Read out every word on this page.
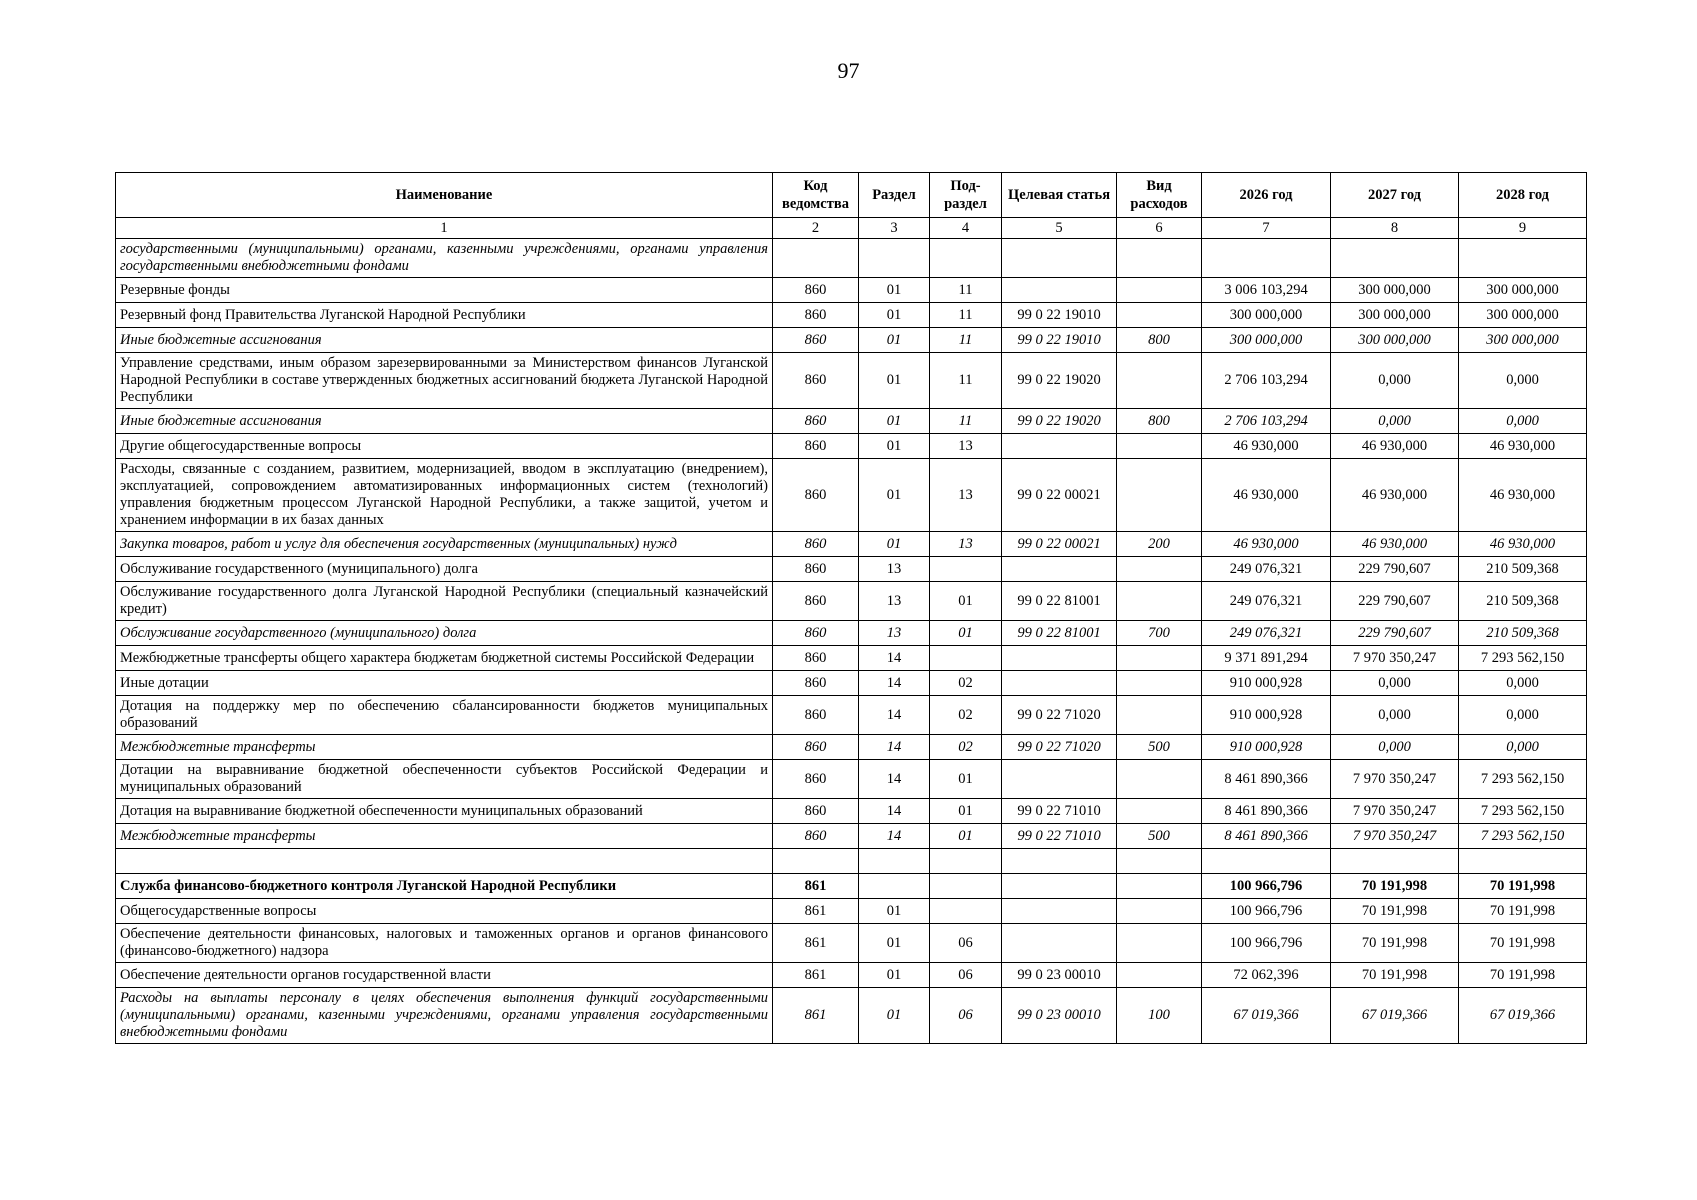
97
Наименование	Код ведомства	Раздел	Под-раздел	Целевая статья	Вид расходов	2026 год	2027 год	2028 год
1	2	3	4	5	6	7	8	9
государственными (муниципальными) органами, казенными учреждениями, органами управления государственными внебюджетными фондами								
Резервные фонды	860	01	11			3 006 103,294	300 000,000	300 000,000
Резервный фонд Правительства Луганской Народной Республики	860	01	11	99 0 22 19010		300 000,000	300 000,000	300 000,000
Иные бюджетные ассигнования	860	01	11	99 0 22 19010	800	300 000,000	300 000,000	300 000,000
Управление средствами, иным образом зарезервированными за Министерством финансов Луганской Народной Республики в составе утвержденных бюджетных ассигнований бюджета Луганской Народной Республики	860	01	11	99 0 22 19020		2 706 103,294	0,000	0,000
Иные бюджетные ассигнования	860	01	11	99 0 22 19020	800	2 706 103,294	0,000	0,000
Другие общегосударственные вопросы	860	01	13			46 930,000	46 930,000	46 930,000
Расходы, связанные с созданием, развитием, модернизацией, вводом в эксплуатацию (внедрением), эксплуатацией, сопровождением автоматизированных информационных систем (технологий) управления бюджетным процессом Луганской Народной Республики, а также защитой, учетом и хранением информации в их базах данных	860	01	13	99 0 22 00021		46 930,000	46 930,000	46 930,000
Закупка товаров, работ и услуг для обеспечения государственных (муниципальных) нужд	860	01	13	99 0 22 00021	200	46 930,000	46 930,000	46 930,000
Обслуживание государственного (муниципального) долга	860	13				249 076,321	229 790,607	210 509,368
Обслуживание государственного долга Луганской Народной Республики (специальный казначейский кредит)	860	13	01	99 0 22 81001		249 076,321	229 790,607	210 509,368
Обслуживание государственного (муниципального) долга	860	13	01	99 0 22 81001	700	249 076,321	229 790,607	210 509,368
Межбюджетные трансферты общего характера бюджетам бюджетной системы Российской Федерации	860	14				9 371 891,294	7 970 350,247	7 293 562,150
Иные дотации	860	14	02			910 000,928	0,000	0,000
Дотация на поддержку мер по обеспечению сбалансированности бюджетов муниципальных образований	860	14	02	99 0 22 71020		910 000,928	0,000	0,000
Межбюджетные трансферты	860	14	02	99 0 22 71020	500	910 000,928	0,000	0,000
Дотации на выравнивание бюджетной обеспеченности субъектов Российской Федерации и муниципальных образований	860	14	01			8 461 890,366	7 970 350,247	7 293 562,150
Дотация на выравнивание бюджетной обеспеченности муниципальных образований	860	14	01	99 0 22 71010		8 461 890,366	7 970 350,247	7 293 562,150
Межбюджетные трансферты	860	14	01	99 0 22 71010	500	8 461 890,366	7 970 350,247	7 293 562,150

Служба финансово-бюджетного контроля Луганской Народной Республики	861					100 966,796	70 191,998	70 191,998
Общегосударственные вопросы	861	01				100 966,796	70 191,998	70 191,998
Обеспечение деятельности финансовых, налоговых и таможенных органов и органов финансового (финансово-бюджетного) надзора	861	01	06			100 966,796	70 191,998	70 191,998
Обеспечение деятельности органов государственной власти	861	01	06	99 0 23 00010		72 062,396	70 191,998	70 191,998
Расходы на выплаты персоналу в целях обеспечения выполнения функций государственными (муниципальными) органами, казенными учреждениями, органами управления государственными внебюджетными фондами	861	01	06	99 0 23 00010	100	67 019,366	67 019,366	67 019,366
